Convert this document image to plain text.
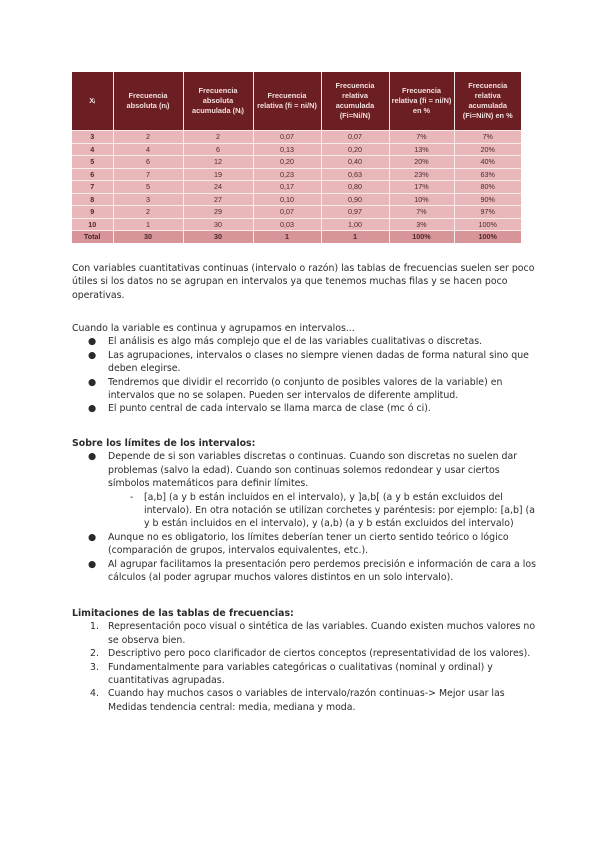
Xᵢ	Frecuencia absoluta (nᵢ)	Frecuencia absoluta acumulada (Nᵢ)	Frecuencia relativa (fi = ni/N)	Frecuencia relativa acumulada (Fi=Ni/N)	Frecuencia relativa (fi = ni/N) en %	Frecuencia relativa acumulada (Fi=Ni/N) en %
3	2	2	0,07	0,07	7%	7%
4	4	6	0,13	0,20	13%	20%
5	6	12	0,20	0,40	20%	40%
6	7	19	0,23	0,63	23%	63%
7	5	24	0,17	0,80	17%	80%
8	3	27	0,10	0,90	10%	90%
9	2	29	0,07	0,97	7%	97%
10	1	30	0,03	1,00	3%	100%
Total	30	30	1	1	100%	100%

Con variables cuantitativas continuas (intervalo o razón) las tablas de frecuencias suelen ser poco útiles si los datos no se agrupan en intervalos ya que tenemos muchas filas y se hacen poco operativas.

Cuando la variable es continua y agrupamos en intervalos...

● El análisis es algo más complejo que el de las variables cualitativas o discretas.
● Las agrupaciones, intervalos o clases no siempre vienen dadas de forma natural sino que deben elegirse.
● Tendremos que dividir el recorrido (o conjunto de posibles valores de la variable) en intervalos que no se solapen. Pueden ser intervalos de diferente amplitud.
● El punto central de cada intervalo se llama marca de clase (mc ó ci).

Sobre los límites de los intervalos:

● Depende de si son variables discretas o continuas. Cuando son discretas no suelen dar problemas (salvo la edad). Cuando son continuas solemos redondear y usar ciertos símbolos matemáticos para definir límites.
- [a,b] (a y b están incluidos en el intervalo), y ]a,b[ (a y b están excluidos del intervalo). En otra notación se utilizan corchetes y paréntesis: por ejemplo: [a,b] (a y b están incluidos en el intervalo), y (a,b) (a y b están excluidos del intervalo)
● Aunque no es obligatorio, los límites deberían tener un cierto sentido teórico o lógico (comparación de grupos, intervalos equivalentes, etc.).
● Al agrupar facilitamos la presentación pero perdemos precisión e información de cara a los cálculos (al poder agrupar muchos valores distintos en un solo intervalo).

Limitaciones de las tablas de frecuencias:

1. Representación poco visual o sintética de las variables. Cuando existen muchos valores no se observa bien.
2. Descriptivo pero poco clarificador de ciertos conceptos (representatividad de los valores).
3. Fundamentalmente para variables categóricas o cualitativas (nominal y ordinal) y cuantitativas agrupadas.
4. Cuando hay muchos casos o variables de intervalo/razón continuas-> Mejor usar las Medidas tendencia central: media, mediana y moda.
